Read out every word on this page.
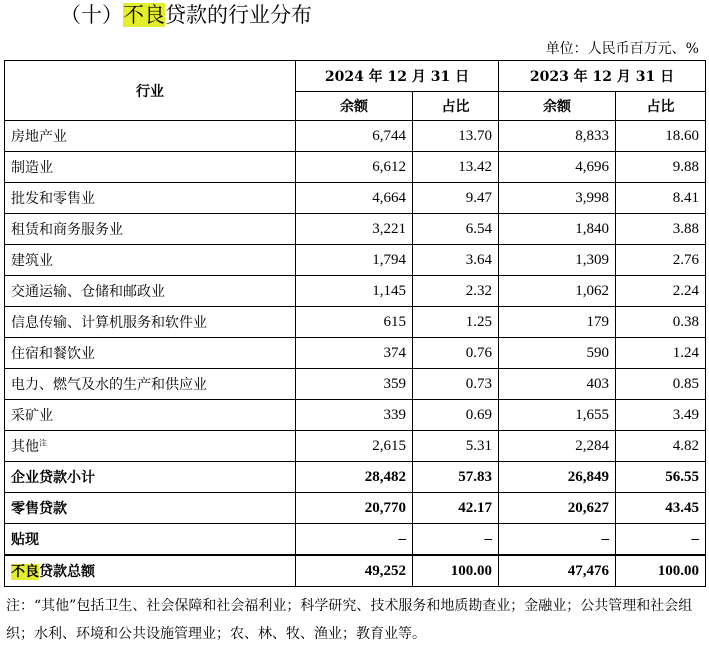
（十）不良贷款的行业分布
单位：人民币百万元、%
行业	2024 年 12 月 31 日		2023 年 12 月 31 日	
	余额	占比	余额	占比
房地产业	6,744	13.70	8,833	18.60
制造业	6,612	13.42	4,696	9.88
批发和零售业	4,664	9.47	3,998	8.41
租赁和商务服务业	3,221	6.54	1,840	3.88
建筑业	1,794	3.64	1,309	2.76
交通运输、仓储和邮政业	1,145	2.32	1,062	2.24
信息传输、计算机服务和软件业	615	1.25	179	0.38
住宿和餐饮业	374	0.76	590	1.24
电力、燃气及水的生产和供应业	359	0.73	403	0.85
采矿业	339	0.69	1,655	3.49
其他$^注$	2,615	5.31	2,284	4.82
企业贷款小计	28,482	57.83	26,849	56.55
零售贷款	20,770	42.17	20,627	43.45
贴现	–	–	–	–
不良贷款总额	49,252	100.00	47,476	100.00
注：“其他”包括卫生、社会保障和社会福利业；科学研究、技术服务和地质勘查业；金融业；公共管理和社会组织；水利、环境和公共设施管理业；农、林、牧、渔业；教育业等。
